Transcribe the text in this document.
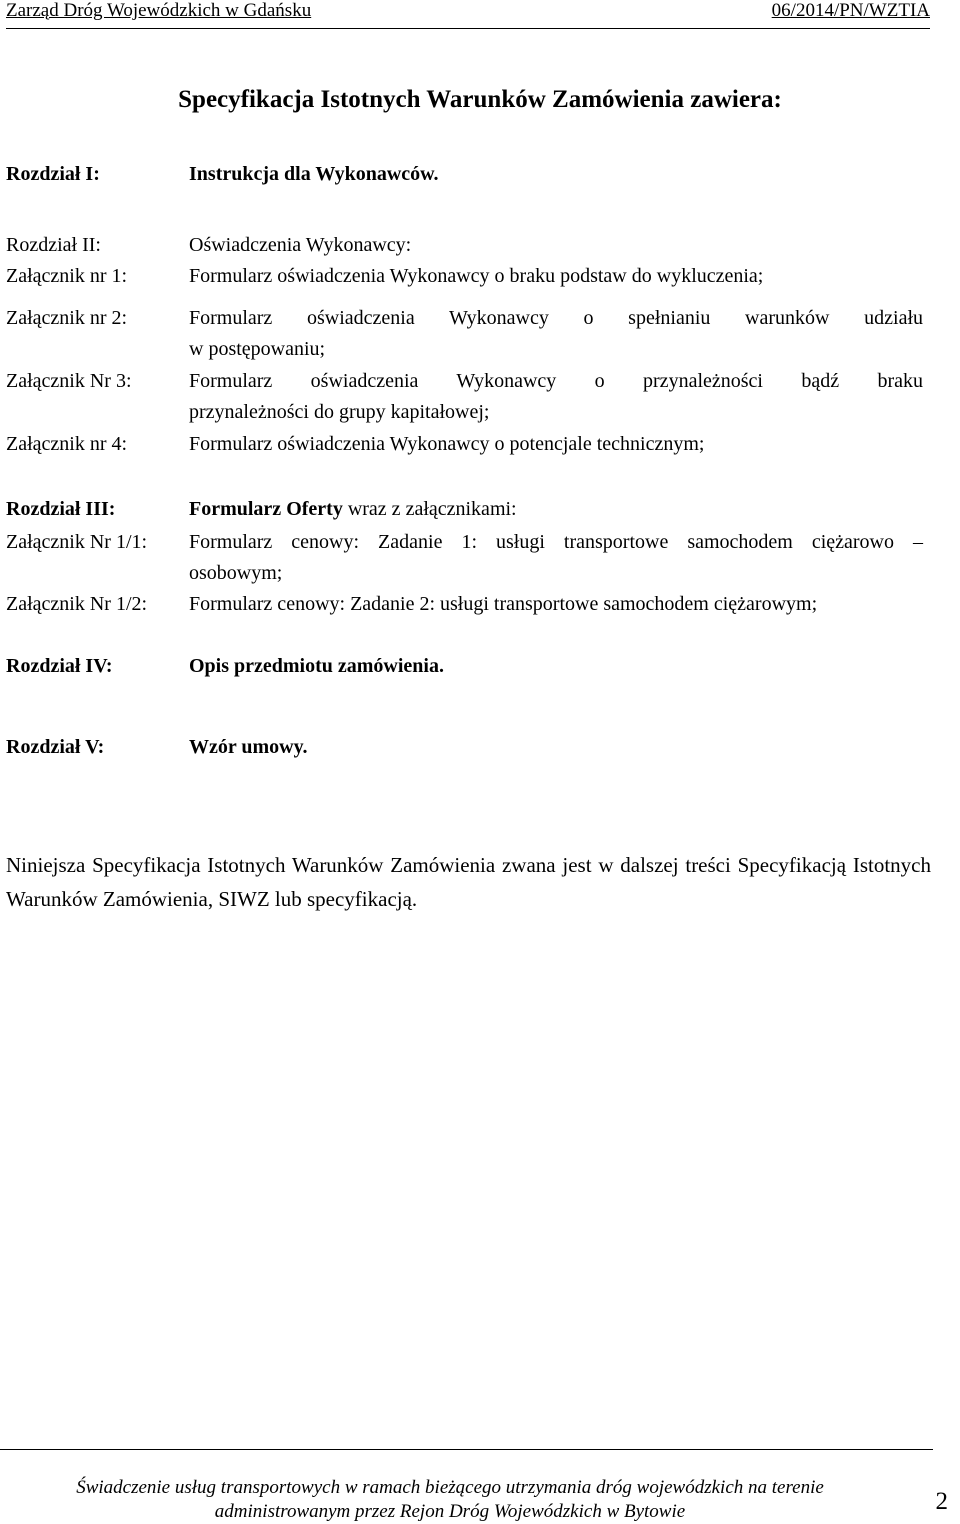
Zarząd Dróg Wojewódzkich w Gdańsku	06/2014/PN/WZTIA
Specyfikacja Istotnych Warunków Zamówienia zawiera:
Rozdział I:	Instrukcja dla Wykonawców.
Rozdział II:	Oświadczenia Wykonawcy:
Załącznik nr 1:	Formularz oświadczenia Wykonawcy o braku podstaw do wykluczenia;
Załącznik nr 2:	Formularz oświadczenia Wykonawcy o spełnianiu warunków udziału
w postępowaniu;
Załącznik Nr 3:	Formularz oświadczenia Wykonawcy o przynależności bądź braku
przynależności do grupy kapitałowej;
Załącznik nr 4:	Formularz oświadczenia Wykonawcy o potencjale technicznym;
Rozdział III:	Formularz Oferty wraz z załącznikami:
Załącznik Nr 1/1: Formularz cenowy: Zadanie 1: usługi transportowe samochodem ciężarowo –
osobowym;
Załącznik Nr 1/2: Formularz cenowy: Zadanie 2: usługi transportowe samochodem ciężarowym;
Rozdział IV:	Opis przedmiotu zamówienia.
Rozdział V:	Wzór umowy.
Niniejsza Specyfikacja Istotnych Warunków Zamówienia zwana jest w dalszej treści Specyfikacją Istotnych Warunków Zamówienia, SIWZ lub specyfikacją.
Świadczenie usług transportowych w ramach bieżącego utrzymania dróg wojewódzkich na terenie
administrowanym przez Rejon Dróg Wojewódzkich w Bytowie	2
